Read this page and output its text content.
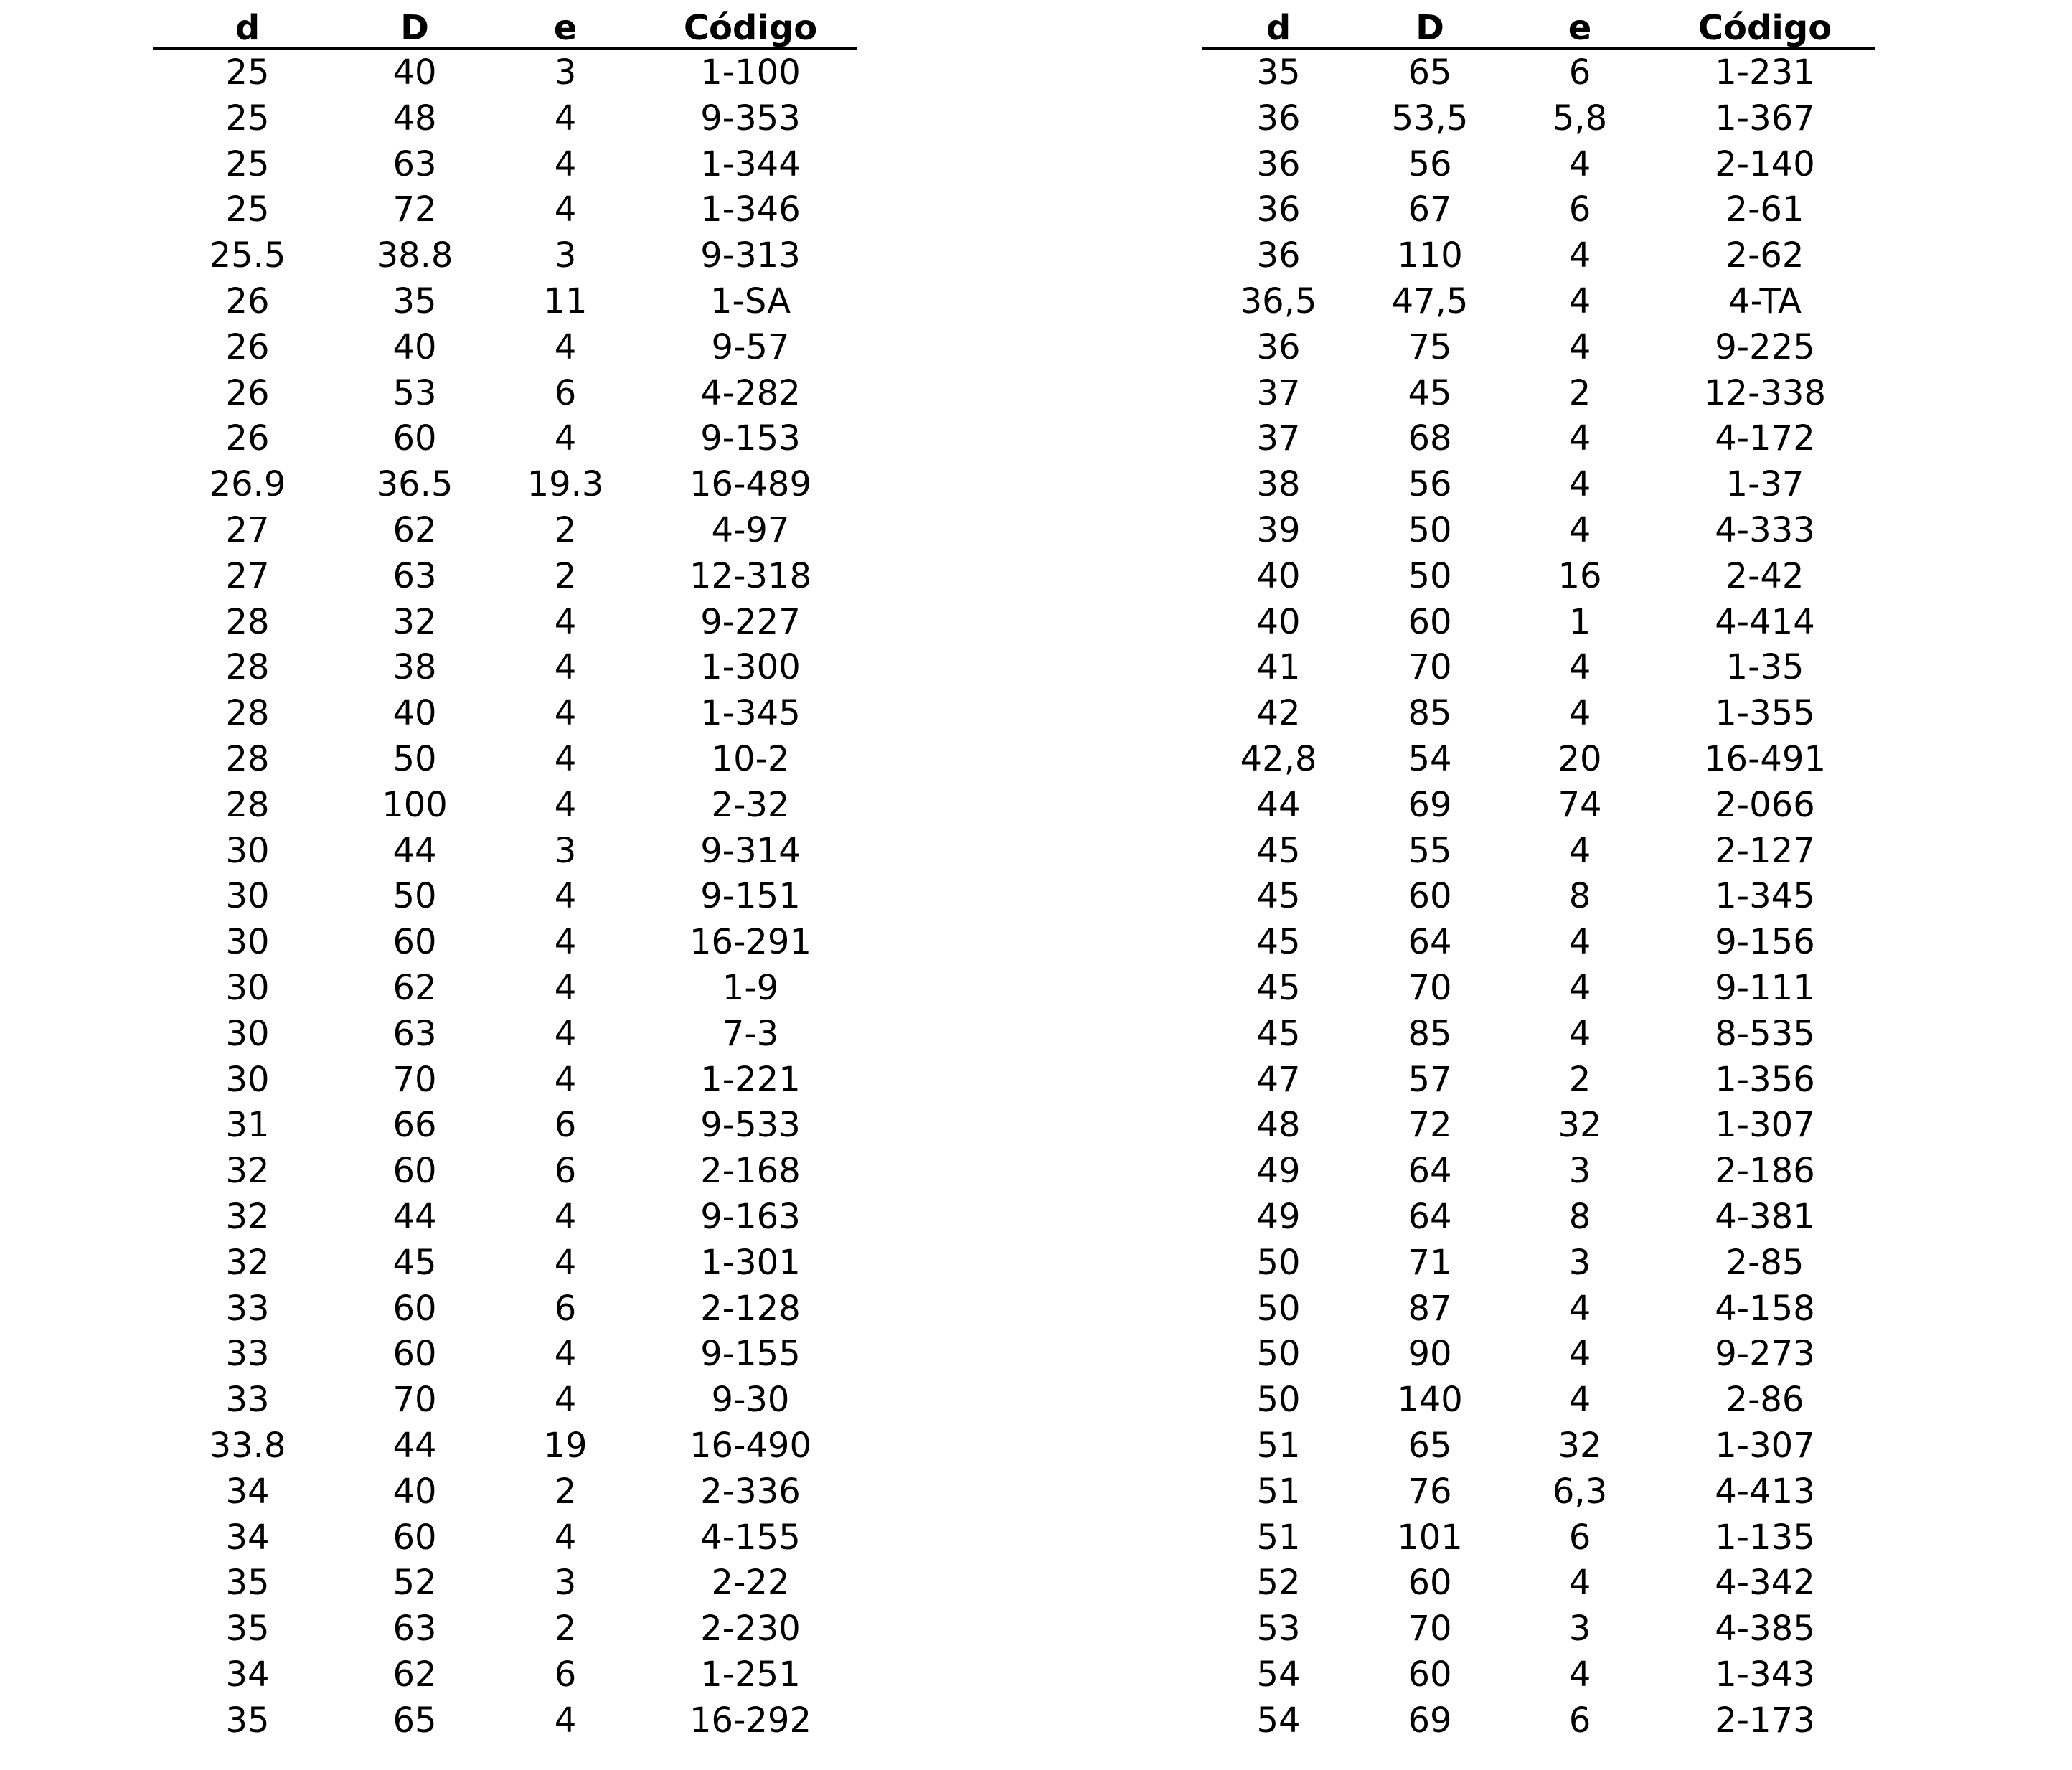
d	D	e	Código
25	40	3	1-100
25	48	4	9-353
25	63	4	1-344
25	72	4	1-346
25.5	38.8	3	9-313
26	35	11	1-SA
26	40	4	9-57
26	53	6	4-282
26	60	4	9-153
26.9	36.5	19.3	16-489
27	62	2	4-97
27	63	2	12-318
28	32	4	9-227
28	38	4	1-300
28	40	4	1-345
28	50	4	10-2
28	100	4	2-32
30	44	3	9-314
30	50	4	9-151
30	60	4	16-291
30	62	4	1-9
30	63	4	7-3
30	70	4	1-221
31	66	6	9-533
32	60	6	2-168
32	44	4	9-163
32	45	4	1-301
33	60	6	2-128
33	60	4	9-155
33	70	4	9-30
33.8	44	19	16-490
34	40	2	2-336
34	60	4	4-155
35	52	3	2-22
35	63	2	2-230
34	62	6	1-251
35	65	4	16-292
d	D	e	Código
35	65	6	1-231
36	53,5	5,8	1-367
36	56	4	2-140
36	67	6	2-61
36	110	4	2-62
36,5	47,5	4	4-TA
36	75	4	9-225
37	45	2	12-338
37	68	4	4-172
38	56	4	1-37
39	50	4	4-333
40	50	16	2-42
40	60	1	4-414
41	70	4	1-35
42	85	4	1-355
42,8	54	20	16-491
44	69	74	2-066
45	55	4	2-127
45	60	8	1-345
45	64	4	9-156
45	70	4	9-111
45	85	4	8-535
47	57	2	1-356
48	72	32	1-307
49	64	3	2-186
49	64	8	4-381
50	71	3	2-85
50	87	4	4-158
50	90	4	9-273
50	140	4	2-86
51	65	32	1-307
51	76	6,3	4-413
51	101	6	1-135
52	60	4	4-342
53	70	3	4-385
54	60	4	1-343
54	69	6	2-173
